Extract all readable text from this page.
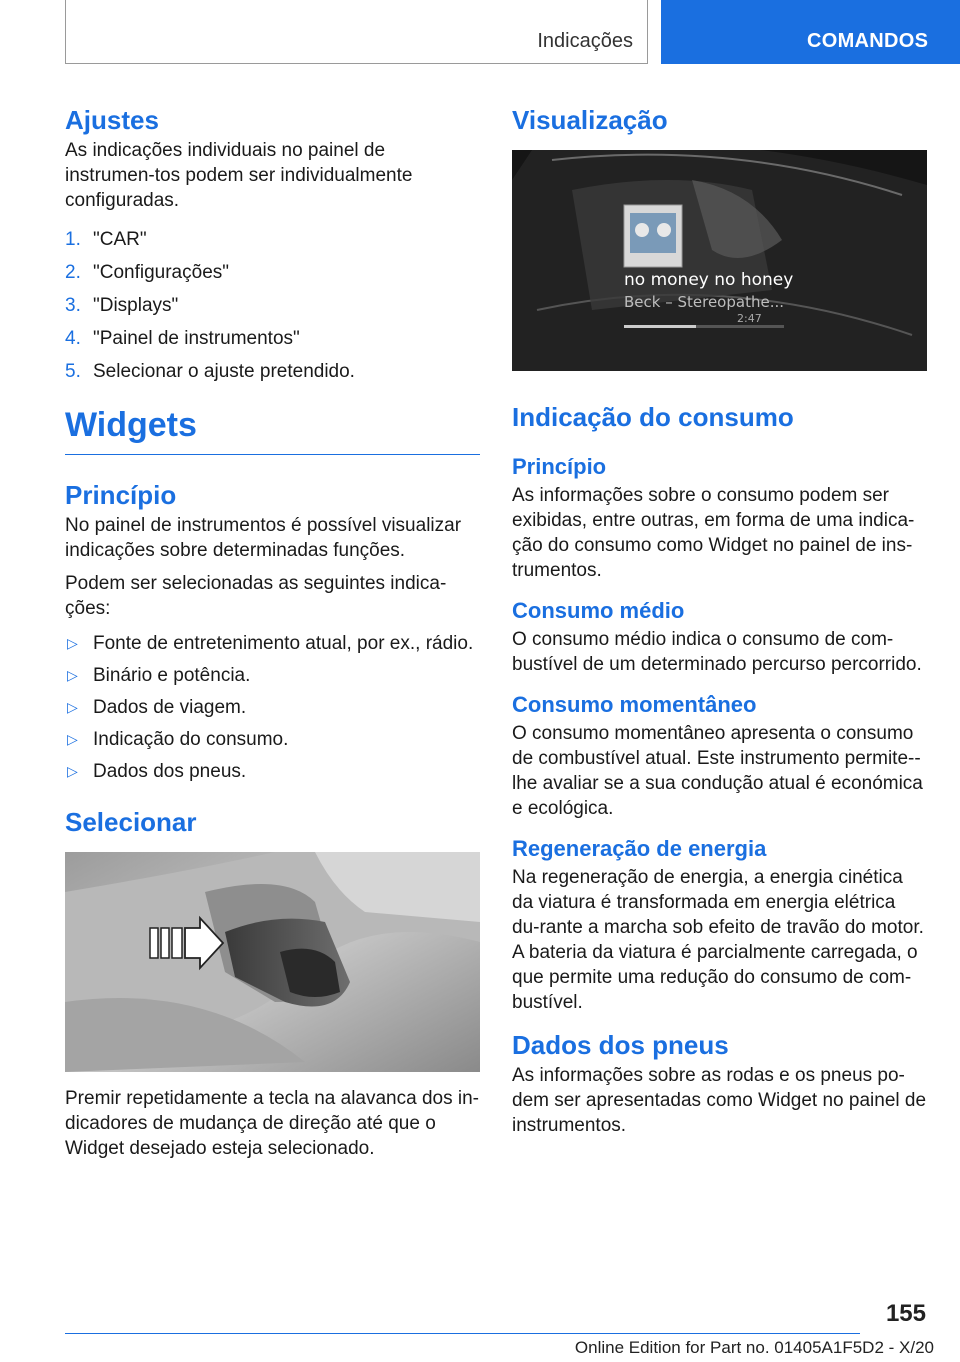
Indicações	COMANDOS
Ajustes

As indicações individuais no painel de instrumen-tos podem ser individualmente configuradas.

1. "CAR"
2. "Configurações"
3. "Displays"
4. "Painel de instrumentos"
5. Selecionar o ajuste pretendido.
Widgets
Princípio

No painel de instrumentos é possível visualizar indicações sobre determinadas funções.

Podem ser selecionadas as seguintes indica-ções:

▷ Fonte de entretenimento atual, por ex., rádio.
▷ Binário e potência.
▷ Dados de viagem.
▷ Indicação do consumo.
▷ Dados dos pneus.
Selecionar

Premir repetidamente a tecla na alavanca dos in-dicadores de mudança de direção até que o Widget desejado esteja selecionado.

Visualização
no money no honey
Beck – Stereopathe...
2:47
Indicação do consumo
Princípio

As informações sobre o consumo podem ser exibidas, entre outras, em forma de uma indica-ção do consumo como Widget no painel de ins-trumentos.

Consumo médio

O consumo médio indica o consumo de com-bustível de um determinado percurso percorrido.

Consumo momentâneo

O consumo momentâneo apresenta o consumo de combustível atual. Este instrumento permite--lhe avaliar se a sua condução atual é económica e ecológica.

Regeneração de energia

Na regeneração de energia, a energia cinética da viatura é transformada em energia elétrica du-rante a marcha sob efeito de travão do motor. A bateria da viatura é parcialmente carregada, o que permite uma redução do consumo de com-bustível.

Dados dos pneus

As informações sobre as rodas e os pneus po-dem ser apresentadas como Widget no painel de instrumentos.

155
Online Edition for Part no. 01405A1F5D2 - X/20
